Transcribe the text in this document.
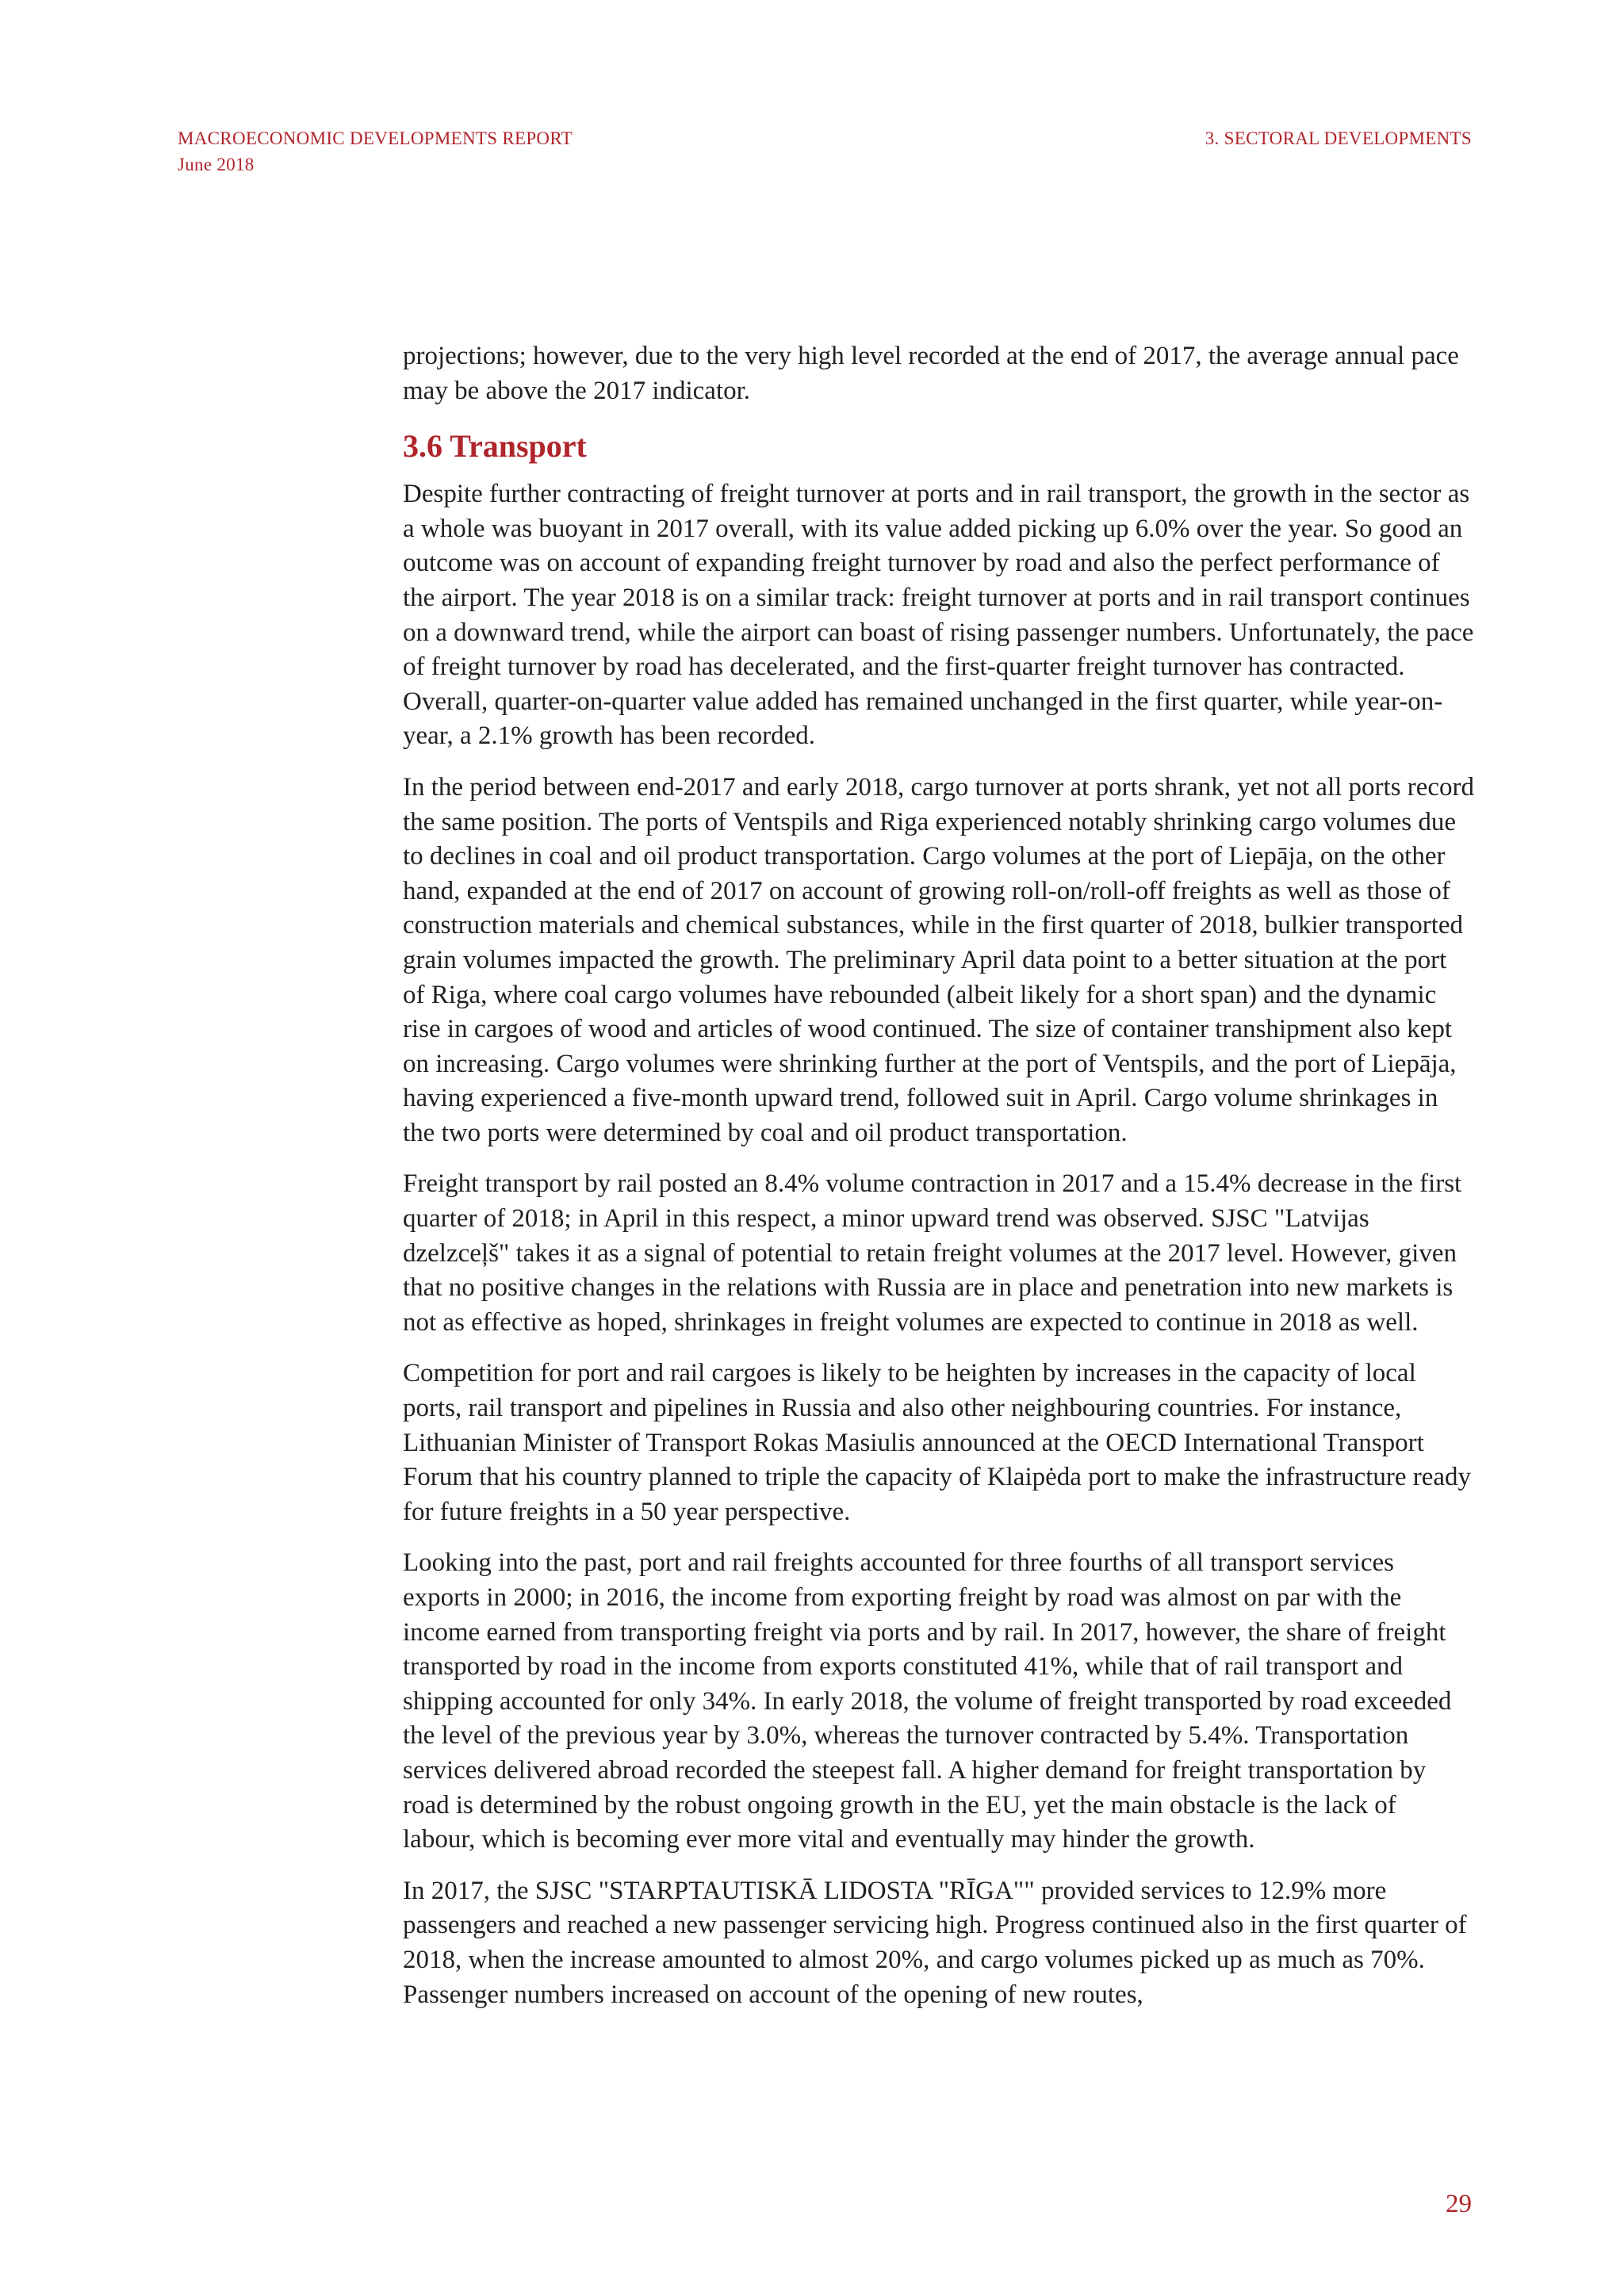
MACROECONOMIC DEVELOPMENTS REPORT
June 2018
3. SECTORAL DEVELOPMENTS

projections; however, due to the very high level recorded at the end of 2017, the average annual pace may be above the 2017 indicator.

3.6 Transport

Despite further contracting of freight turnover at ports and in rail transport, the growth in the sector as a whole was buoyant in 2017 overall, with its value added picking up 6.0% over the year. So good an outcome was on account of expanding freight turnover by road and also the perfect performance of the airport. The year 2018 is on a similar track: freight turnover at ports and in rail transport continues on a downward trend, while the airport can boast of rising passenger numbers. Unfortunately, the pace of freight turnover by road has decelerated, and the first-quarter freight turnover has contracted. Overall, quarter-on-quarter value added has remained unchanged in the first quarter, while year-on-year, a 2.1% growth has been recorded.

In the period between end-2017 and early 2018, cargo turnover at ports shrank, yet not all ports record the same position. The ports of Ventspils and Riga experienced notably shrinking cargo volumes due to declines in coal and oil product transportation. Cargo volumes at the port of Liepāja, on the other hand, expanded at the end of 2017 on account of growing roll-on/roll-off freights as well as those of construction materials and chemical substances, while in the first quarter of 2018, bulkier transported grain volumes impacted the growth. The preliminary April data point to a better situation at the port of Riga, where coal cargo volumes have rebounded (albeit likely for a short span) and the dynamic rise in cargoes of wood and articles of wood continued. The size of container transhipment also kept on increasing. Cargo volumes were shrinking further at the port of Ventspils, and the port of Liepāja, having experienced a five-month upward trend, followed suit in April. Cargo volume shrinkages in the two ports were determined by coal and oil product transportation.

Freight transport by rail posted an 8.4% volume contraction in 2017 and a 15.4% decrease in the first quarter of 2018; in April in this respect, a minor upward trend was observed. SJSC "Latvijas dzelzceļš" takes it as a signal of potential to retain freight volumes at the 2017 level. However, given that no positive changes in the relations with Russia are in place and penetration into new markets is not as effective as hoped, shrinkages in freight volumes are expected to continue in 2018 as well.

Competition for port and rail cargoes is likely to be heighten by increases in the capacity of local ports, rail transport and pipelines in Russia and also other neighbouring countries. For instance, Lithuanian Minister of Transport Rokas Masiulis announced at the OECD International Transport Forum that his country planned to triple the capacity of Klaipėda port to make the infrastructure ready for future freights in a 50 year perspective.

Looking into the past, port and rail freights accounted for three fourths of all transport services exports in 2000; in 2016, the income from exporting freight by road was almost on par with the income earned from transporting freight via ports and by rail. In 2017, however, the share of freight transported by road in the income from exports constituted 41%, while that of rail transport and shipping accounted for only 34%. In early 2018, the volume of freight transported by road exceeded the level of the previous year by 3.0%, whereas the turnover contracted by 5.4%. Transportation services delivered abroad recorded the steepest fall. A higher demand for freight transportation by road is determined by the robust ongoing growth in the EU, yet the main obstacle is the lack of labour, which is becoming ever more vital and eventually may hinder the growth.

In 2017, the SJSC "STARPTAUTISKĀ LIDOSTA "RĪGA"" provided services to 12.9% more passengers and reached a new passenger servicing high. Progress continued also in the first quarter of 2018, when the increase amounted to almost 20%, and cargo volumes picked up as much as 70%. Passenger numbers increased on account of the opening of new routes,

29
